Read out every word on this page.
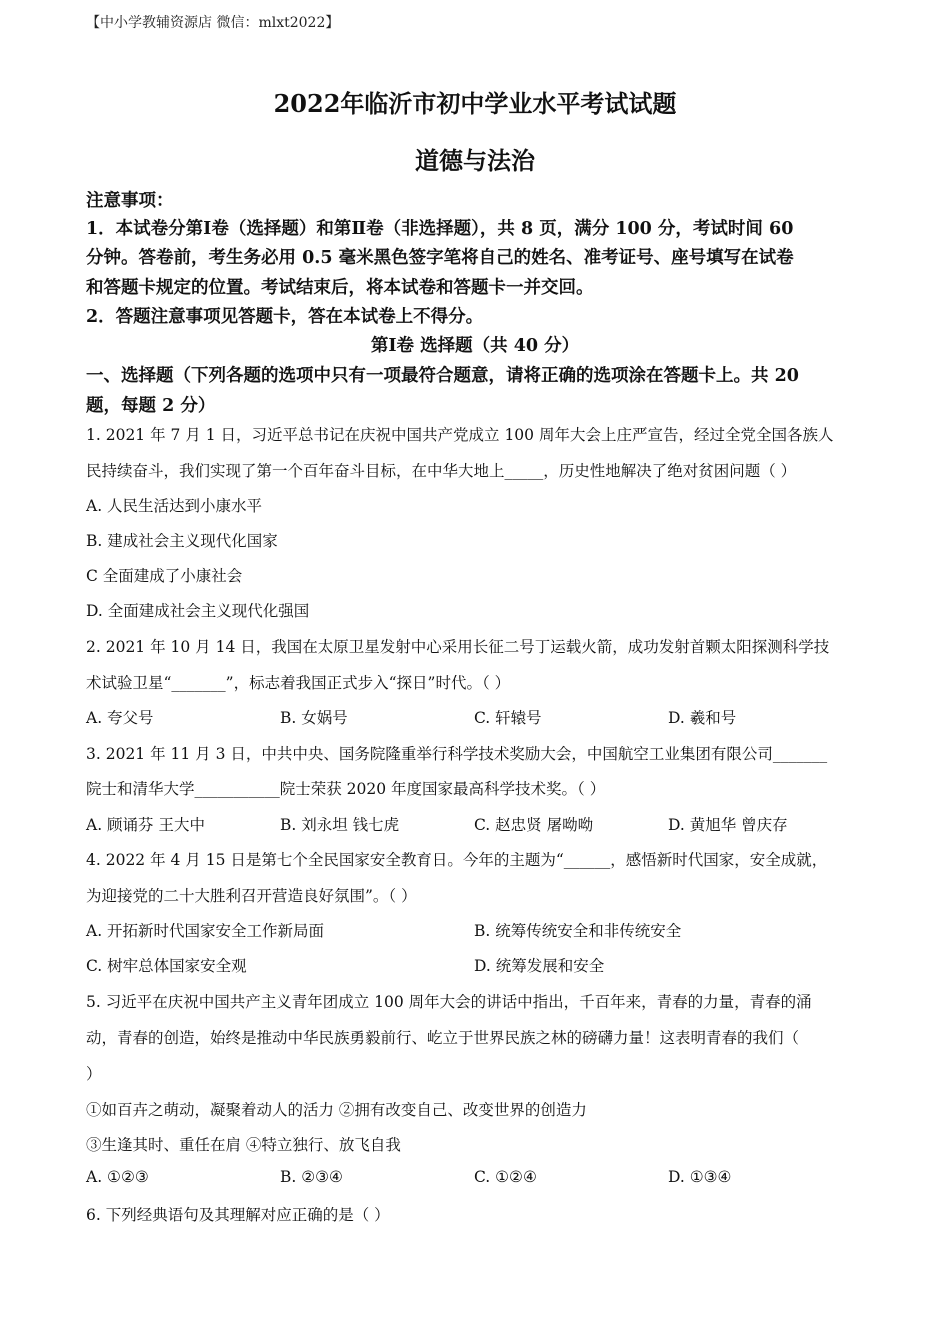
【中小学教辅资源店 微信：mlxt2022】
2022年临沂市初中学业水平考试试题
道德与法治
注意事项：
1．本试卷分第Ⅰ卷（选择题）和第Ⅱ卷（非选择题），共 8 页，满分 100 分，考试时间 60
分钟。答卷前，考生务必用 0.5 毫米黑色签字笔将自己的姓名、准考证号、座号填写在试卷
和答题卡规定的位置。考试结束后，将本试卷和答题卡一并交回。
2．答题注意事项见答题卡，答在本试卷上不得分。
第Ⅰ卷 选择题（共 40 分）
一、选择题（下列各题的选项中只有一项最符合题意，请将正确的选项涂在答题卡上。共 20
题，每题 2 分）
1. 2021 年 7 月 1 日，习近平总书记在庆祝中国共产党成立 100 周年大会上庄严宣告，经过全党全国各族人
民持续奋斗，我们实现了第一个百年奋斗目标，在中华大地上_____，历史性地解决了绝对贫困问题（ ）
A. 人民生活达到小康水平
B. 建成社会主义现代化国家
C 全面建成了小康社会
D. 全面建成社会主义现代化强国
2. 2021 年 10 月 14 日，我国在太原卫星发射中心采用长征二号丁运载火箭，成功发射首颗太阳探测科学技
术试验卫星“_______”，标志着我国正式步入“探日”时代。（ ）
A. 夸父号	B. 女娲号	C. 轩辕号	D. 羲和号
3. 2021 年 11 月 3 日，中共中央、国务院隆重举行科学技术奖励大会，中国航空工业集团有限公司_______
院士和清华大学___________院士荣获 2020 年度国家最高科学技术奖。（ ）
A. 顾诵芬 王大中	B. 刘永坦 钱七虎	C. 赵忠贤 屠呦呦	D. 黄旭华 曾庆存
4. 2022 年 4 月 15 日是第七个全民国家安全教育日。今年的主题为“______，感悟新时代国家，安全成就，
为迎接党的二十大胜利召开营造良好氛围”。（ ）
A. 开拓新时代国家安全工作新局面	B. 统筹传统安全和非传统安全
C. 树牢总体国家安全观	D. 统筹发展和安全
5. 习近平在庆祝中国共产主义青年团成立 100 周年大会的讲话中指出，千百年来，青春的力量，青春的涌
动，青春的创造，始终是推动中华民族勇毅前行、屹立于世界民族之林的磅礴力量！这表明青春的我们（
）
①如百卉之萌动，凝聚着动人的活力 ②拥有改变自己、改变世界的创造力
③生逢其时、重任在肩 ④特立独行、放飞自我
A. ①②③	B. ②③④	C. ①②④	D. ①③④
6. 下列经典语句及其理解对应正确的是（ ）
